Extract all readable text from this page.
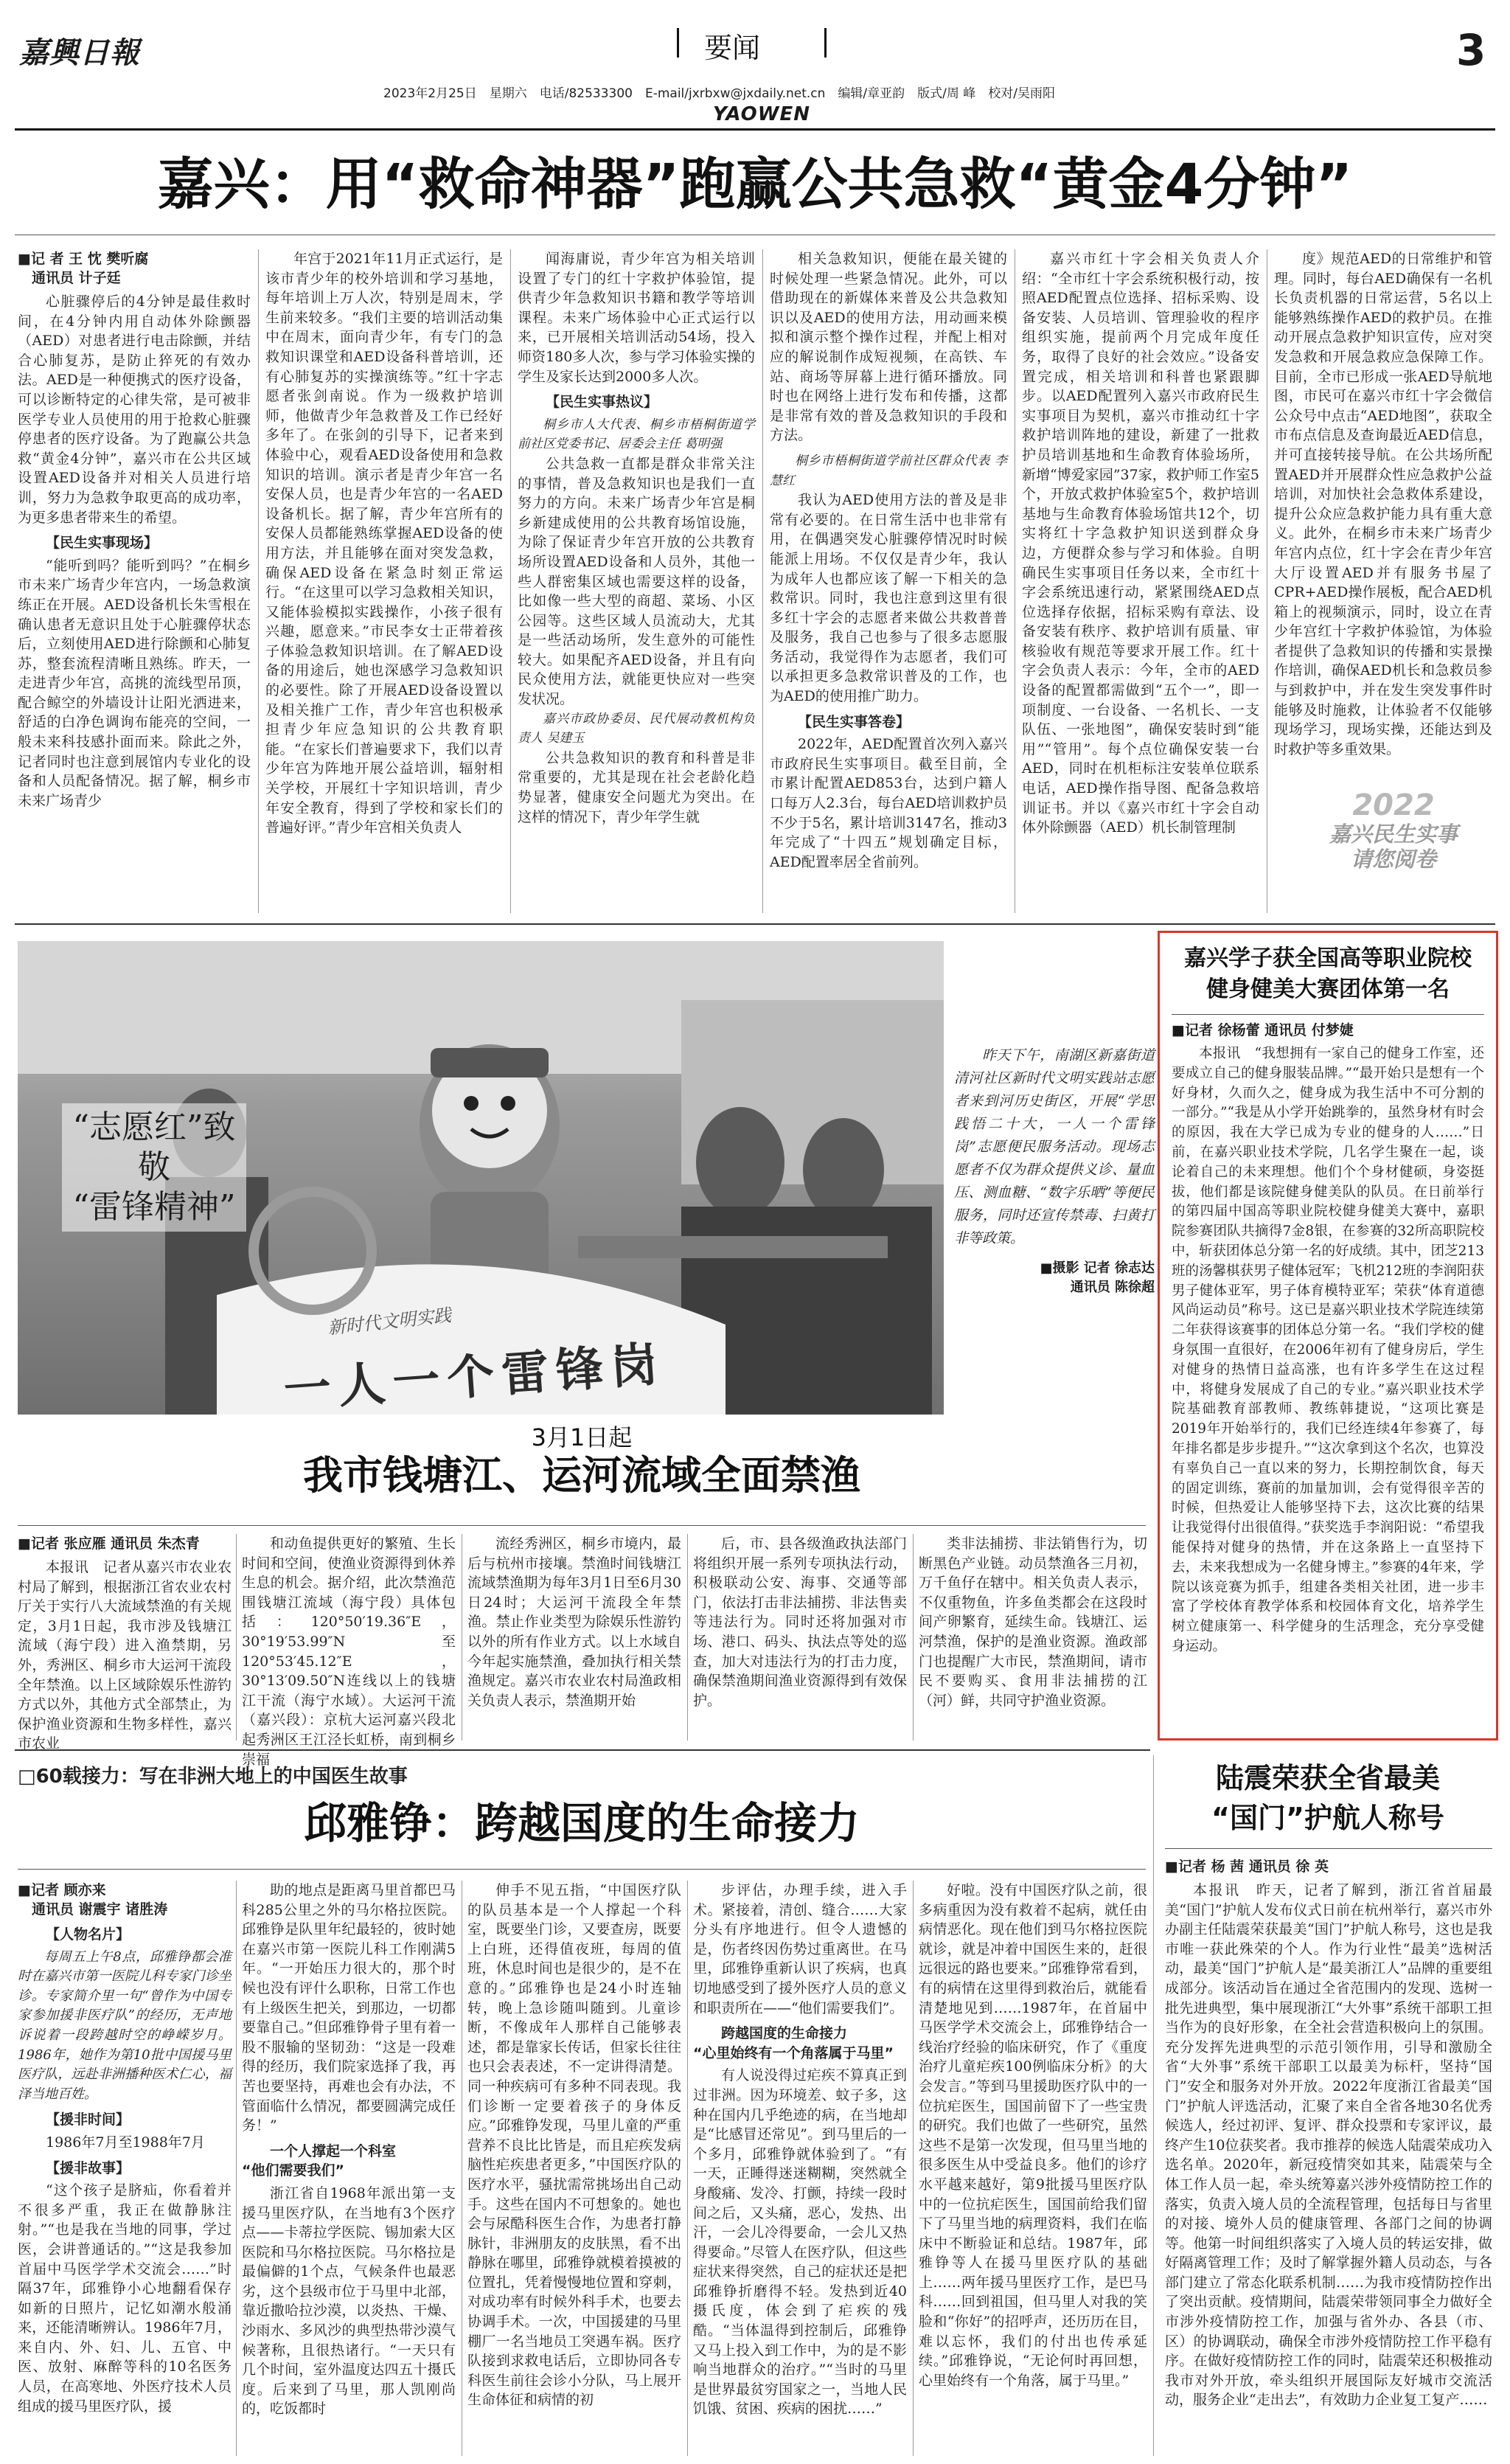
嘉興日報	要闻	3
2023年2月25日　星期六　电话/82533300　E-mail/jxrbxw@jxdaily.net.cn　编辑/章亚韵　版式/周 峰　校对/吴雨阳
YAOWEN
嘉兴：用“救命神器”跑赢公共急救“黄金4分钟”
■记 者 王 忱 樊听腐
　通讯员 计子廷

心脏骤停后的4分钟是最佳救时间，在4分钟内用自动体外除颤器（AED）对患者进行电击除颤，并结合心肺复苏，是防止猝死的有效办法。AED是一种便携式的医疗设备，可以诊断特定的心律失常，是可被非医学专业人员使用的用于抢救心脏骤停患者的医疗设备。为了跑赢公共急救“黄金4分钟”，嘉兴市在公共区域设置AED设备并对相关人员进行培训，努力为急救争取更高的成功率，为更多患者带来生的希望。

【民生实事现场】

“能听到吗？能听到吗？”在桐乡市未来广场青少年宫内，一场急救演练正在开展。AED设备机长朱雪根在确认患者无意识且处于心脏骤停状态后，立刻使用AED进行除颤和心肺复苏，整套流程清晰且熟练。昨天，一走进青少年宫，高挑的流线型吊顶，配合鲸空的外墙设计让阳光洒进来，舒适的白净色调询布能亮的空间，一般未来科技感扑面而来。除此之外，记者同时也注意到展馆内专业化的设备和人员配备情况。据了解，桐乡市未来广场青少

年宫于2021年11月正式运行，是该市青少年的校外培训和学习基地，每年培训上万人次，特别是周末，学生前来较多。“我们主要的培训活动集中在周末，面向青少年，有专门的急救知识课堂和AED设备科普培训，还有心肺复苏的实操演练等。”红十字志愿者张剑南说。作为一级救护培训师，他做青少年急救普及工作已经好多年了。在张剑的引导下，记者来到体验中心，观看AED设备使用和急救知识的培训。演示者是青少年宫一名安保人员，也是青少年宫的一名AED设备机长。据了解，青少年宫所有的安保人员都能熟练掌握AED设备的使用方法，并且能够在面对突发急救，确保AED设备在紧急时刻正常运行。“在这里可以学习急救相关知识，又能体验模拟实践操作，小孩子很有兴趣，愿意来。”市民李女士正带着孩子体验急救知识培训。在了解AED设备的用途后，她也深感学习急救知识的必要性。除了开展AED设备设置以及相关推广工作，青少年宫也积极承担青少年应急知识的公共教育职能。“在家长们普遍要求下，我们以青少年宫为阵地开展公益培训，辐射相关学校，开展红十字知识培训，青少年安全教育，得到了学校和家长们的普遍好评。”青少年宫相关负责人

闻海庸说，青少年宫为相关培训设置了专门的红十字救护体验馆，提供青少年急救知识书籍和教学等培训课程。未来广场体验中心正式运行以来，已开展相关培训活动54场，投入师资180多人次，参与学习体验实操的学生及家长达到2000多人次。

【民生实事热议】

桐乡市人大代表、桐乡市梧桐街道学前社区党委书记、居委会主任 葛明强

公共急救一直都是群众非常关注的事情，普及急救知识也是我们一直努力的方向。未来广场青少年宫是桐乡新建成使用的公共教育场馆设施，为除了保证青少年宫开放的公共教育场所设置AED设备和人员外，其他一些人群密集区域也需要这样的设备，比如像一些大型的商超、菜场、小区公园等。这些区域人员流动大，尤其是一些活动场所，发生意外的可能性较大。如果配齐AED设备，并且有向民众使用方法，就能更快应对一些突发状况。

嘉兴市政协委员、民代展动教机构负责人 吴建玉

公共急救知识的教育和科普是非常重要的，尤其是现在社会老龄化趋势显著，健康安全问题尤为突出。在这样的情况下，青少年学生就

相关急救知识，便能在最关键的时候处理一些紧急情况。此外，可以借助现在的新媒体来普及公共急救知识以及AED的使用方法，用动画来模拟和演示整个操作过程，并配上相对应的解说制作成短视频，在高铁、车站、商场等屏幕上进行循环播放。同时也在网络上进行发布和传播，这都是非常有效的普及急救知识的手段和方法。

桐乡市梧桐街道学前社区群众代表 李慧红

我认为AED使用方法的普及是非常有必要的。在日常生活中也非常有用，在偶遇突发心脏骤停情况时时候能派上用场。不仅仅是青少年，我认为成年人也都应该了解一下相关的急救常识。同时，我也注意到这里有很多红十字会的志愿者来做公共救普普及服务，我自己也参与了很多志愿服务活动，我觉得作为志愿者，我们可以承担更多急救常识普及的工作，也为AED的使用推广助力。

【民生实事答卷】

2022年，AED配置首次列入嘉兴市政府民生实事项目。截至目前，全市累计配置AED853台，达到户籍人口每万人2.3台，每台AED培训救护员不少于5名，累计培训3147名，推动3年完成了“十四五”规划确定目标，AED配置率居全省前列。

嘉兴市红十字会相关负责人介绍：“全市红十字会系统积极行动，按照AED配置点位选择、招标采购、设备安装、人员培训、管理验收的程序组织实施，提前两个月完成年度任务，取得了良好的社会效应。”设备安置完成，相关培训和科普也紧跟脚步。以AED配置列入嘉兴市政府民生实事项目为契机，嘉兴市推动红十字救护培训阵地的建设，新建了一批救护员培训基地和生命教育体验场所，新增“博爱家园”37家，救护师工作室5个，开放式救护体验室5个，救护培训基地与生命教育体验场馆共12个，切实将红十字急救护知识送到群众身边，方便群众参与学习和体验。自明确民生实事项目任务以来，全市红十字会系统迅速行动，紧紧围绕AED点位选择存依据，招标采购有章法、设备安装有秩序、救护培训有质量、审核验收有规范等要求开展工作。红十字会负责人表示：今年，全市的AED设备的配置都需做到“五个一”，即一项制度、一台设备、一名机长、一支队伍、一张地图”，确保安装时到“能用”“管用”。每个点位确保安装一台AED，同时在机柜标注安装单位联系电话，AED操作指导图、配备急救培训证书。并以《嘉兴市红十字会自动体外除颤器（AED）机长制管理制

度》规范AED的日常维护和管理。同时，每台AED确保有一名机长负责机器的日常运营，5名以上能够熟练操作AED的救护员。在推动开展点急救护知识宣传，应对突发急救和开展急救应急保障工作。目前，全市已形成一张AED导航地图，市民可在嘉兴市红十字会微信公众号中点击“AED地图”，获取全市布点信息及查询最近AED信息，并可直接转接导航。在公共场所配置AED并开展群众性应急救护公益培训，对加快社会急救体系建设，提升公众应急救护能力具有重大意义。此外，在桐乡市未来广场青少年宫内点位，红十字会在青少年宫大厅设置AED并有服务书屋了CPR+AED操作展板，配合AED机箱上的视频演示，同时，设立在青少年宫红十字救护体验馆，为体验者提供了急救知识的传播和实景操作培训，确保AED机长和急救员参与到救护中，并在发生突发事件时能够及时施救，让体验者不仅能够现场学习，现场实操，还能达到及时救护等多重效果。

2022
嘉兴民生实事
请您阅卷
新时代文明实践
一人一个雷锋岗
“志愿红”致敬
“雷锋精神”
昨天下午，南湖区新嘉街道清河社区新时代文明实践站志愿者来到河历史街区，开展“学思践悟二十大，一人一个雷锋岗”志愿便民服务活动。现场志愿者不仅为群众提供义诊、量血压、测血糖、“数字乐晒”等便民服务，同时还宣传禁毒、扫黄打非等政策。
■摄影 记者 徐志达
通讯员 陈徐超
嘉兴学子获全国高等职业院校
健身健美大赛团体第一名
■记者 徐杨蕾 通讯员 付梦婕
本报讯　“我想拥有一家自己的健身工作室，还要成立自己的健身服装品牌。”“最开始只是想有一个好身材，久而久之，健身成为我生活中不可分割的一部分。”“我是从小学开始跳拳的，虽然身材有时会的原因，我在大学已成为专业的健身的人……”日前，在嘉兴职业技术学院，几名学生聚在一起，谈论着自己的未来理想。他们个个身材健硕，身姿挺拔，他们都是该院健身健美队的队员。在日前举行的第四届中国高等职业院校健身健美大赛中，嘉职院参赛团队共摘得7金8银，在参赛的32所高职院校中，斩获团体总分第一名的好成绩。其中，团芝213班的汤馨棋获男子健体冠军；飞机212班的李润阳获男子健体亚军，男子体育模特亚军；荣获“体育道德风尚运动员”称号。这已是嘉兴职业技术学院连续第二年获得该赛事的团体总分第一名。“我们学校的健身氛围一直很好，在2006年初有了健身房后，学生对健身的热情日益高涨，也有许多学生在这过程中，将健身发展成了自己的专业。”嘉兴职业技术学院基础教育部教师、教练韩捷说，“这项比赛是2019年开始举行的，我们已经连续4年参赛了，每年排名都是步步提升。”“这次拿到这个名次，也算没有辜负自己一直以来的努力，长期控制饮食，每天的固定训练，赛前的加量加训，会有觉得很辛苦的时候，但热爱让人能够坚持下去，这次比赛的结果让我觉得付出很值得。”获奖选手李润阳说：“希望我能保持对健身的热情，并在这条路上一直坚持下去，未来我想成为一名健身博主。”参赛的4年来，学院以该竞赛为抓手，组建各类相关社团，进一步丰富了学校体育教学体系和校园体育文化，培养学生树立健康第一、科学健身的生活理念，充分享受健身运动。
3月1日起
我市钱塘江、运河流域全面禁渔
■记者 张应雁 通讯员 朱杰青

本报讯　记者从嘉兴市农业农村局了解到，根据浙江省农业农村厅关于实行八大流域禁渔的有关规定，3月1日起，我市涉及钱塘江流域（海宁段）进入渔禁期，另外，秀洲区、桐乡市大运河干流段全年禁渔。以上区域除娱乐性游钓方式以外，其他方式全部禁止，为保护渔业资源和生物多样性，嘉兴市农业

和动鱼提供更好的繁殖、生长时间和空间，使渔业资源得到休养生息的机会。据介绍，此次禁渔范围钱塘江流域（海宁段）具体包括：120°50′19.36″E，30°19′53.99″N至120°53′45.12″E，30°13′09.50″N连线以上的钱塘江干流（海宁水域）。大运河干流（嘉兴段）：京杭大运河嘉兴段北起秀洲区王江泾长虹桥，南到桐乡崇福

流经秀洲区，桐乡市境内，最后与杭州市接壤。禁渔时间钱塘江流域禁渔期为每年3月1日至6月30日24时；大运河干流段全年禁渔。禁止作业类型为除娱乐性游钓以外的所有作业方式。以上水域自今年起实施禁渔，叠加执行相关禁渔规定。嘉兴市农业农村局渔政相关负责人表示，禁渔期开始

后，市、县各级渔政执法部门将组织开展一系列专项执法行动，积极联动公安、海事、交通等部门，依法打击非法捕捞、非法售卖等违法行为。同时还将加强对市场、港口、码头、执法点等处的巡查，加大对违法行为的打击力度，确保禁渔期间渔业资源得到有效保护。

类非法捕捞、非法销售行为，切断黑色产业链。动员禁渔各三月初，万千鱼仔在辖中。相关负责人表示，不仅重物鱼，许多鱼类都会在这段时间产卵繁育，延续生命。钱塘江、运河禁渔，保护的是渔业资源。渔政部门也提醒广大市民，禁渔期间，请市民不要购买、食用非法捕捞的江（河）鲜，共同守护渔业资源。

□60载接力：写在非洲大地上的中国医生故事
邱雅铮：跨越国度的生命接力
■记者 顾亦来
　通讯员 谢震宇 诸胜涛

【人物名片】

每周五上午8点，邱雅铮都会准时在嘉兴市第一医院儿科专家门诊坐诊。专家简介里一句“曾作为中国专家参加援非医疗队”的经历，无声地诉说着一段跨越时空的峥嵘岁月。1986年，她作为第10批中国援马里医疗队，远赴非洲播种医术仁心，福泽当地百姓。

【援非时间】

1986年7月至1988年7月

【援非故事】

“这个孩子是脐疝，你看着并不很多严重，我正在做静脉注射。”“也是我在当地的同事，学过医，会讲普通话的。”“这是我参加首届中马医学学术交流会……”时隔37年，邱雅铮小心地翻看保存如新的日照片，记忆如潮水般涌来，还能清晰辨认。1986年7月，来自内、外、妇、儿、五官、中医、放射、麻醉等科的10名医务人员，在高寒地、外医疗技术人员组成的援马里医疗队，援

助的地点是距离马里首都巴马科285公里之外的马尔格拉医院。邱雅铮是队里年纪最轻的，彼时她在嘉兴市第一医院儿科工作刚满5年。“一开始压力很大的，那个时候也没有评什么职称，日常工作也有上级医生把关，到那边，一切都要靠自己。”但邱雅铮骨子里有着一股不服输的坚韧劲：“这是一段难得的经历，我们院家选择了我，再苦也要坚持，再难也会有办法，不管面临什么情况，都要圆满完成任务！”

一个人撑起一个科室
“他们需要我们”

浙江省自1968年派出第一支援马里医疗队，在当地有3个医疗点——卡蒂拉学医院、锡加索大区医院和马尔格拉医院。马尔格拉是最偏僻的1个点，气候条件也最恶劣，这个县级市位于马里中北部，靠近撒哈拉沙漠，以炎热、干燥、沙雨水、多风沙的典型热带沙漠气候著称，且很热诸行。“一天只有几个时间，室外温度达四五十摄氏度。后来到了马里，那人凯刚尚的，吃饭都时

伸手不见五指，“中国医疗队的队员基本是一个人撑起一个科室，既要坐门诊，又要查房，既要上白班，还得值夜班，每周的值班，休息时间也是很少的，是不在意的。”邱雅铮也是24小时连轴转，晚上急诊随叫随到。儿童诊断，不像成年人那样自己能够表述，都是靠家长传话，但家长往往也只会表表述，不一定讲得清楚。同一种疾病可有多种不同表现。我们诊断一定要着孩子的身体反应。”邱雅铮发现，马里儿童的严重营养不良比比皆是，而且疟疾发病脑性疟疾患者更多，”中国医疗队的医疗水平，骚扰需常挑场出自己动手。这些在国内不可想象的。她也会与尿酷科医生合作，为患者打静脉针，非洲朋友的皮肤黑，看不出静脉在哪里，邱雅铮就模着摸被的位置扎，凭着慢慢地位置和穿刺，对成功率有时候外科手术，也要去协调手术。一次，中国援建的马里棚厂一名当地员工突遇车祸。医疗队接到求救电话后，立即协同各专科医生前往会诊小分队，马上展开生命体征和病情的初

步评估，办理手续，进入手术。紧接着，清创、缝合……大家分头有序地进行。但令人遗憾的是，伤者终因伤势过重离世。在马里，邱雅铮重新认识了疾病，也真切地感受到了援外医疗人员的意义和职责所在——“他们需要我们”。

跨越国度的生命接力
“心里始终有一个角落属于马里”

有人说没得过疟疾不算真正到过非洲。因为环境差、蚊子多，这种在国内几乎绝迹的病，在当地却是“比感冒还常见”。到马里后的一个多月，邱雅铮就体验到了。“有一天，正睡得迷迷糊糊，突然就全身酸痛、发冷、打颤，持续一段时间之后，又头痛，恶心，发热、出汗，一会儿冷得要命，一会儿又热得要命。”尽管人在医疗队，但这些症状来得突然，自己的症状还是把邱雅铮折磨得不轻。发热到近40摄氏度，体会到了疟疾的残酷。“当体温得到控制后，邱雅铮又马上投入到工作中，为的是不影响当地群众的治疗。”“当时的马里是世界最贫穷国家之一，当地人民饥饿、贫困、疾病的困扰……”

好啦。没有中国医疗队之前，很多病重因为没有救着不起病，就任由病情恶化。现在他们到马尔格拉医院就诊，就是冲着中国医生来的，赶很远很远的路也要来。”邱雅铮常看到，有的病情在这里得到救治后，就能看清楚地见到……1987年，在首届中马医学学术交流会上，邱雅铮结合一线治疗经验的临床研究，作了《重度治疗儿童疟疾100例临床分析》的大会发言。”等到马里援助医疗队中的一位抗疟医生，国国前留下了一些宝贵的研究。我们也做了一些研究，虽然这些不是第一次发现，但马里当地的很多医生从中受益良多。他们的诊疗水平越来越好，第9批援马里医疗队中的一位抗疟医生，国国前给我们留下了马里当地的病理资料，我们在临床中不断验证和总结。1987年，邱雅铮等人在援马里医疗队的基础上……两年援马里医疗工作，是巴马科……回到祖国，但马里人对我的笑脸和“你好”的招呼声，还历历在目，难以忘怀，我们的付出也传承延续。”邱雅铮说，“无论何时再回想，心里始终有一个角落，属于马里。”

陆震荣获全省最美
“国门”护航人称号
■记者 杨 茜 通讯员 徐 英

本报讯　昨天，记者了解到，浙江省首届最美“国门”护航人发布仪式日前在杭州举行，嘉兴市外办副主任陆震荣获最美“国门”护航人称号，这也是我市唯一获此殊荣的个人。作为行业性“最美”选树活动，最美“国门”护航人是“最美浙江人”品牌的重要组成部分。该活动旨在通过全省范围内的发现、选树一批先进典型，集中展现浙江“大外事”系统干部职工担当作为的良好形象，在全社会营造积极向上的氛围。充分发挥先进典型的示范引领作用，引导和激励全省“大外事”系统干部职工以最美为标杆，坚持“国门”安全和服务对外开放。2022年度浙江省最美“国门”护航人评选活动，汇聚了来自全省各地30名优秀候选人，经过初评、复评、群众投票和专家评议，最终产生10位获奖者。我市推荐的候选人陆震荣成功入选名单。2020年，新冠疫情突如其来，陆震荣与全体工作人员一起，牵头统筹嘉兴涉外疫情防控工作的落实，负责入境人员的全流程管理，包括每日与省里的对接、境外人员的健康管理、各部门之间的协调等。他第一时间组织落实了入境人员的转运安排，做好隔离管理工作；及时了解掌握外籍人员动态，与各部门建立了常态化联系机制……为我市疫情防控作出了突出贡献。疫情期间，陆震荣带领同事全力做好全市涉外疫情防控工作，加强与省外办、各县（市、区）的协调联动，确保全市涉外疫情防控工作平稳有序。在做好疫情防控工作的同时，陆震荣还积极推动我市对外开放，牵头组织开展国际友好城市交流活动，服务企业“走出去”，有效助力企业复工复产……
